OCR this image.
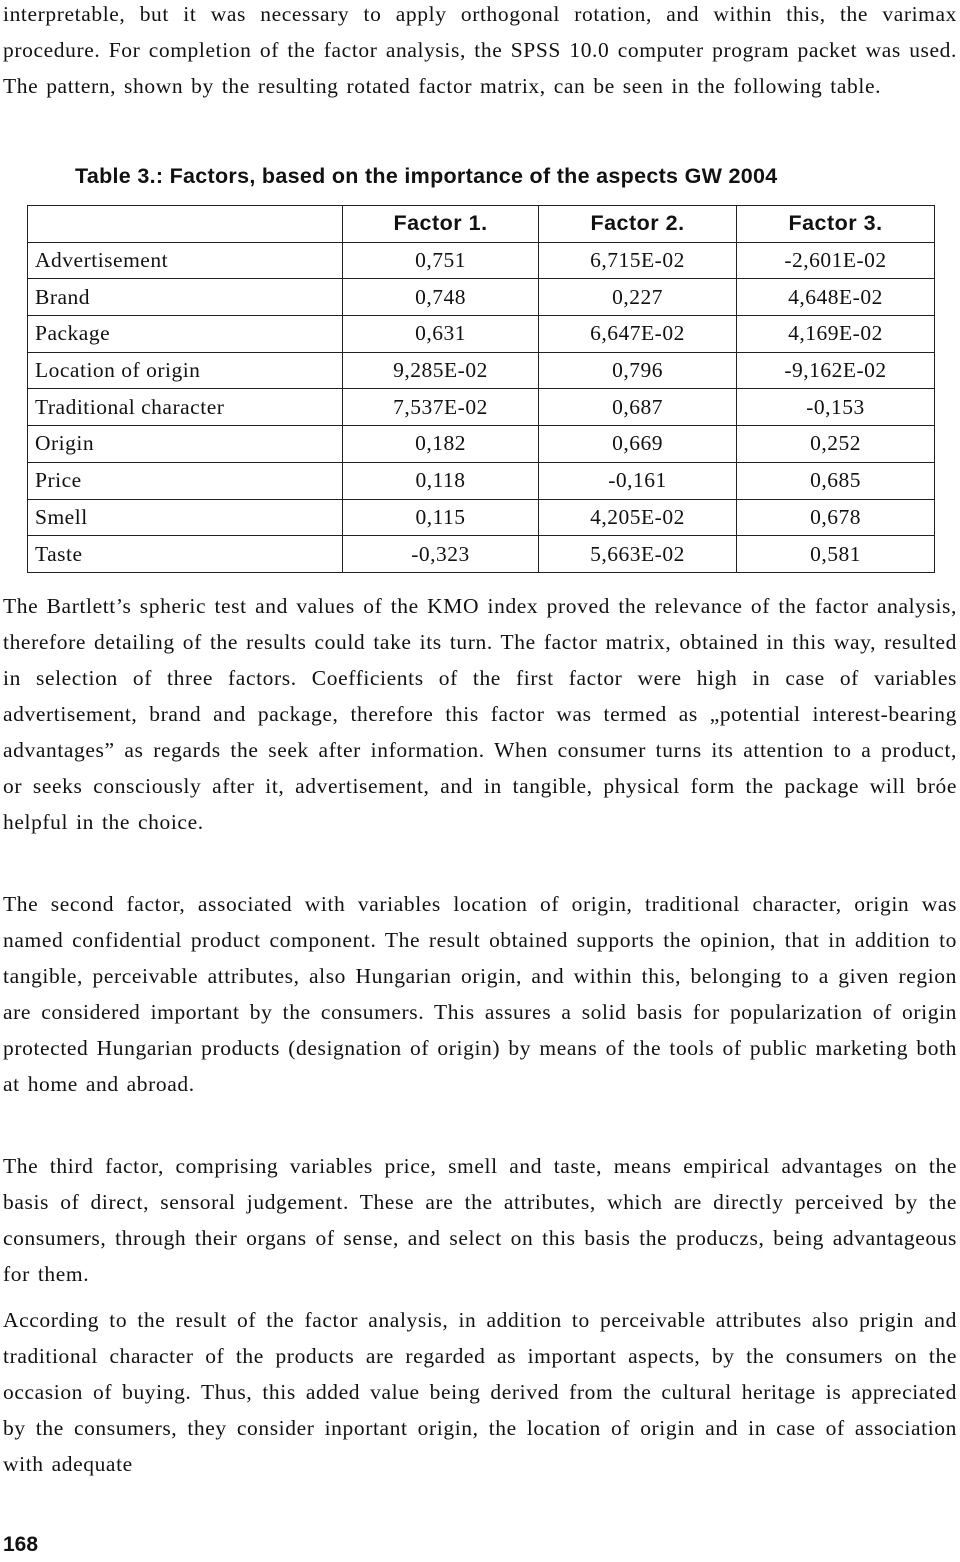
interpretable, but it was necessary to apply orthogonal rotation, and within this, the varimax procedure. For completion of the factor analysis, the SPSS 10.0 computer program packet was used. The pattern, shown by the resulting rotated factor matrix, can be seen in the following table.

Table 3.: Factors, based on the importance of the aspects GW 2004

	Factor 1.	Factor 2.	Factor 3.
Advertisement	0,751	6,715E-02	-2,601E-02
Brand	0,748	0,227	4,648E-02
Package	0,631	6,647E-02	4,169E-02
Location of origin	9,285E-02	0,796	-9,162E-02
Traditional character	7,537E-02	0,687	-0,153
Origin	0,182	0,669	0,252
Price	0,118	-0,161	0,685
Smell	0,115	4,205E-02	0,678
Taste	-0,323	5,663E-02	0,581

The Bartlett’s spheric test and values of the KMO index proved the relevance of the factor analysis, therefore detailing of the results could take its turn. The factor matrix, obtained in this way, resulted in selection of three factors. Coefficients of the first factor were high in case of variables advertisement, brand and package, therefore this factor was termed as „potential interest-bearing advantages” as regards the seek after information. When consumer turns its attention to a product, or seeks consciously after it, advertisement, and in tangible, physical form the package will bróe helpful in the choice.

The second factor, associated with variables location of origin, traditional character, origin was named confidential product component. The result obtained supports the opinion, that in addition to tangible, perceivable attributes, also Hungarian origin, and within this, belonging to a given region are considered important by the consumers. This assures a solid basis for popularization of origin protected Hungarian products (designation of origin) by means of the tools of public marketing both at home and abroad.

The third factor, comprising variables price, smell and taste, means empirical advantages on the basis of direct, sensoral judgement. These are the attributes, which are directly perceived by the consumers, through their organs of sense, and select on this basis the produczs, being advantageous for them.

According to the result of the factor analysis, in addition to perceivable attributes also prigin and traditional character of the products are regarded as important aspects, by the consumers on the occasion of buying. Thus, this added value being derived from the cultural heritage is appreciated by the consumers, they consider inportant origin, the location of origin and in case of association with adequate

168
